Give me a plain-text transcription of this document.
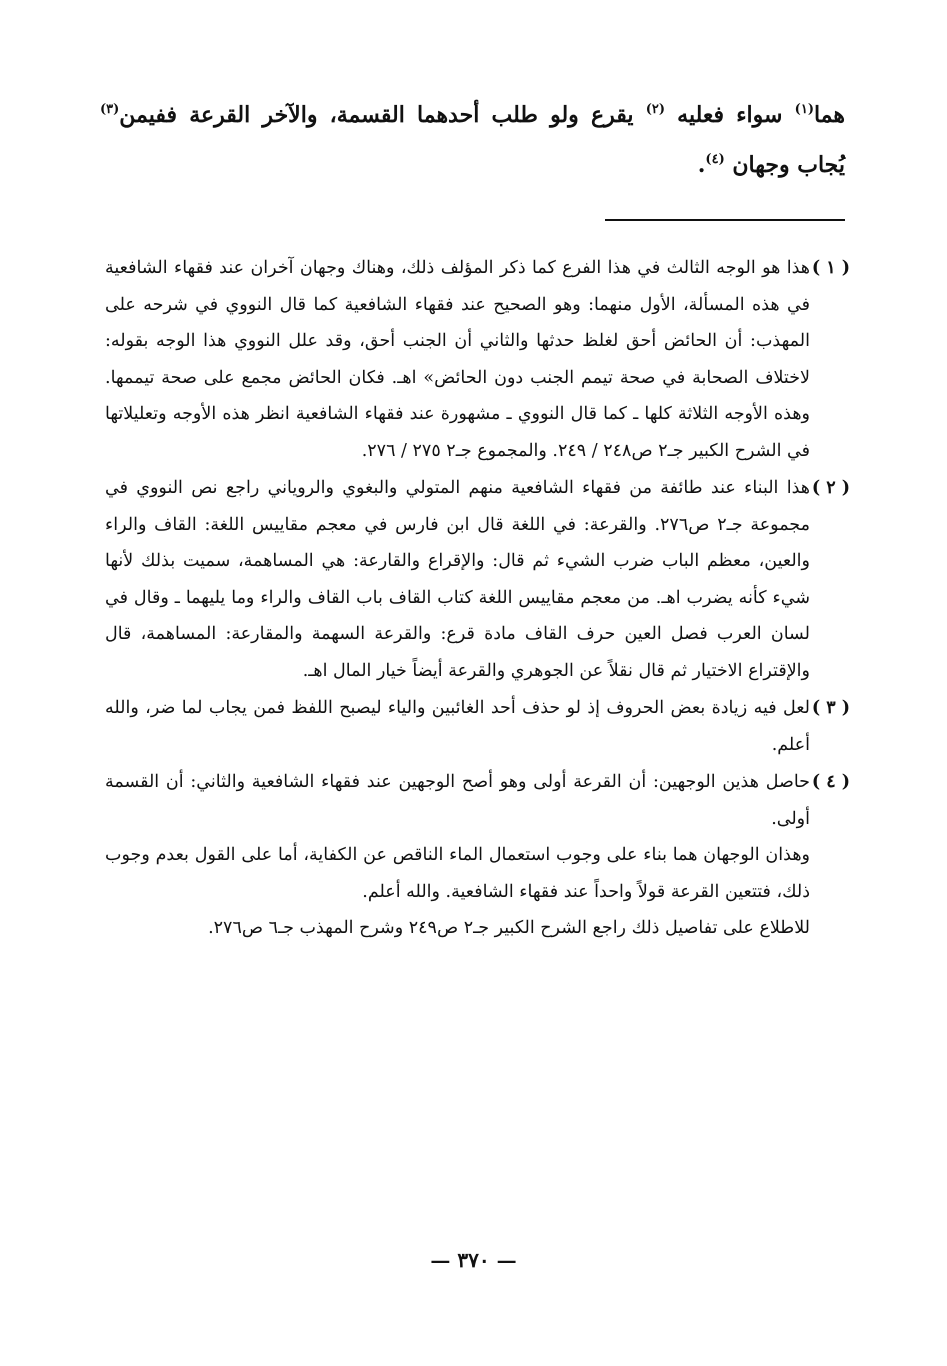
هما$^{(١)}$ سواء فعليه $^{(٢)}$ يقرع ولو طلب أحدهما القسمة، والآخر القرعة ففيمن$^{(٣)}$ يُجاب وجهان $^{(٤)}$.
( ١ )

هذا هو الوجه الثالث في هذا الفرع كما ذكر المؤلف ذلك، وهناك وجهان آخران عند فقهاء الشافعية في هذه المسألة، الأول منهما: وهو الصحيح عند فقهاء الشافعية كما قال النووي في شرحه على المهذب: أن الحائض أحق لغلظ حدثها والثاني أن الجنب أحق، وقد علل النووي هذا الوجه بقوله: لاختلاف الصحابة في صحة تيمم الجنب دون الحائض» اهـ. فكان الحائض مجمع على صحة تيممها. وهذه الأوجه الثلاثة كلها ـ كما قال النووي ـ مشهورة عند فقهاء الشافعية انظر هذه الأوجه وتعليلاتها في الشرح الكبير جـ٢ ص٢٤٨ / ٢٤٩. والمجموع جـ٢ ٢٧٥ / ٢٧٦.

( ٢ )

هذا البناء عند طائفة من فقهاء الشافعية منهم المتولي والبغوي والروياني راجع نص النووي في مجموعة جـ٢ ص٢٧٦. والقرعة: في اللغة قال ابن فارس في معجم مقاييس اللغة: القاف والراء والعين، معظم الباب ضرب الشيء ثم قال: والإقراع والقارعة: هي المساهمة، سميت بذلك لأنها شيء كأنه يضرب اهـ. من معجم مقاييس اللغة كتاب القاف باب القاف والراء وما يليهما ـ وقال في لسان العرب فصل العين حرف القاف مادة قرع: والقرعة السهمة والمقارعة: المساهمة، قال والإقتراع الاختيار ثم قال نقلاً عن الجوهري والقرعة أيضاً خيار المال اهـ.

( ٣ )

لعل فيه زيادة بعض الحروف إذ لو حذف أحد الغائبين والياء ليصبح اللفظ فمن يجاب لما ضر، والله أعلم.

( ٤ )

حاصل هذين الوجهين: أن القرعة أولى وهو أصح الوجهين عند فقهاء الشافعية والثاني: أن القسمة أولى.

وهذان الوجهان هما بناء على وجوب استعمال الماء الناقص عن الكفاية، أما على القول بعدم وجوب ذلك، فتتعين القرعة قولاً واحداً عند فقهاء الشافعية. والله أعلم.

للاطلاع على تفاصيل ذلك راجع الشرح الكبير جـ٢ ص٢٤٩ وشرح المهذب جـ٦ ص٢٧٦.

— ٣٧٠ —
